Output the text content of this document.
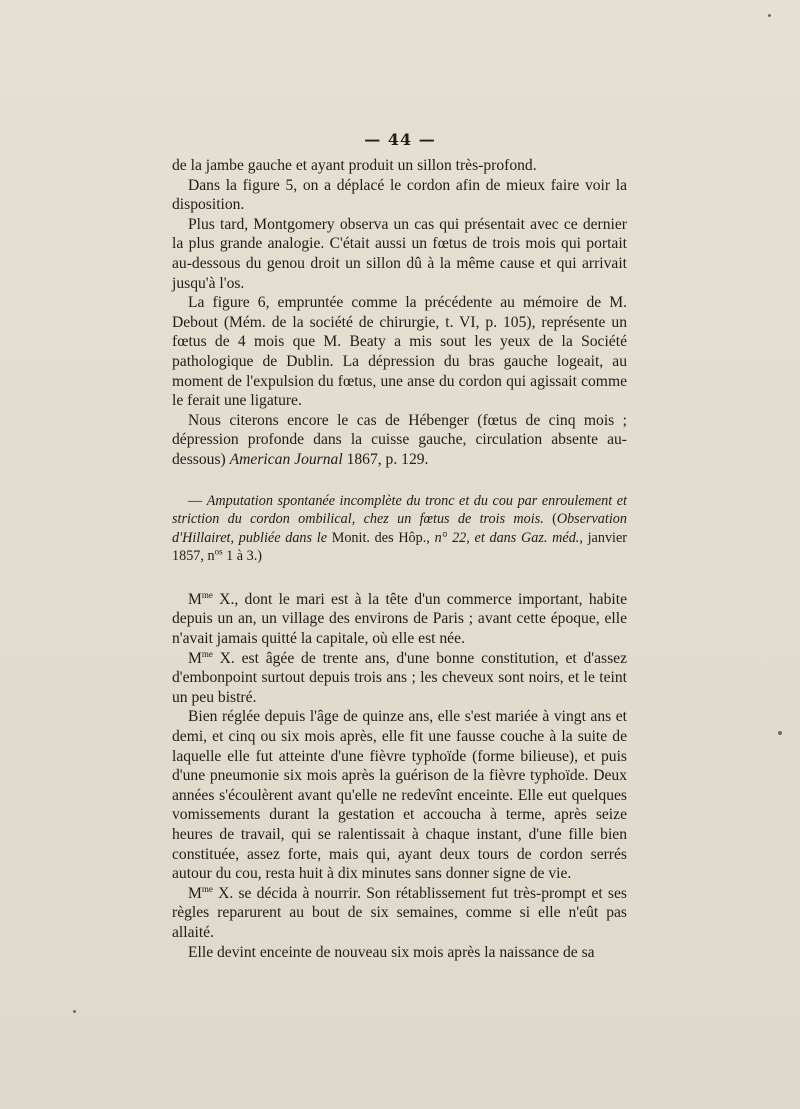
— 44 —

de la jambe gauche et ayant produit un sillon très-profond.

Dans la figure 5, on a déplacé le cordon afin de mieux faire voir la disposition.

Plus tard, Montgomery observa un cas qui présentait avec ce dernier la plus grande analogie. C'était aussi un fœtus de trois mois qui portait au-dessous du genou droit un sillon dû à la même cause et qui arrivait jusqu'à l'os.

La figure 6, empruntée comme la précédente au mémoire de M. Debout (Mém. de la société de chirurgie, t. VI, p. 105), représente un fœtus de 4 mois que M. Beaty a mis sout les yeux de la Société pathologique de Dublin. La dépression du bras gauche logeait, au moment de l'expulsion du fœtus, une anse du cordon qui agissait comme le ferait une ligature.

Nous citerons encore le cas de Hébenger (fœtus de cinq mois ; dépression profonde dans la cuisse gauche, circulation absente au-dessous) American Journal 1867, p. 129.

— Amputation spontanée incomplète du tronc et du cou par enroulement et striction du cordon ombilical, chez un fœtus de trois mois. (Observation d'Hillairet, publiée dans le Monit. des Hôp., n° 22, et dans Gaz. méd., janvier 1857, $n^{os}$ 1 à 3.)

$M^{me}$ X., dont le mari est à la tête d'un commerce important, habite depuis un an, un village des environs de Paris ; avant cette époque, elle n'avait jamais quitté la capitale, où elle est née.

$M^{me}$ X. est âgée de trente ans, d'une bonne constitution, et d'assez d'embonpoint surtout depuis trois ans ; les cheveux sont noirs, et le teint un peu bistré.

Bien réglée depuis l'âge de quinze ans, elle s'est mariée à vingt ans et demi, et cinq ou six mois après, elle fit une fausse couche à la suite de laquelle elle fut atteinte d'une fièvre typhoïde (forme bilieuse), et puis d'une pneumonie six mois après la guérison de la fièvre typhoïde. Deux années s'écoulèrent avant qu'elle ne redevînt enceinte. Elle eut quelques vomissements durant la gestation et accoucha à terme, après seize heures de travail, qui se ralentissait à chaque instant, d'une fille bien constituée, assez forte, mais qui, ayant deux tours de cordon serrés autour du cou, resta huit à dix minutes sans donner signe de vie.

$M^{me}$ X. se décida à nourrir. Son rétablissement fut très-prompt et ses règles reparurent au bout de six semaines, comme si elle n'eût pas allaité.

Elle devint enceinte de nouveau six mois après la naissance de sa
